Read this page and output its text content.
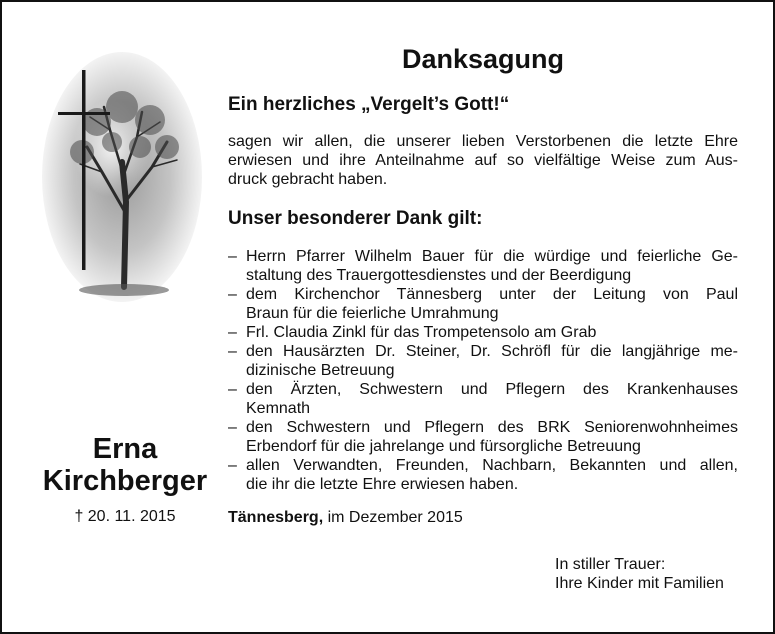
Erna
Kirchberger
† 20. 11. 2015
Danksagung
Ein herzliches „Vergelt’s Gott!“

sagen wir allen, die unserer lieben Verstorbenen die letzte Ehre
erwiesen und ihre Anteilnahme auf so vielfältige Weise zum Aus-
druck gebracht haben.

Unser besonderer Dank gilt:
– Herrn Pfarrer Wilhelm Bauer für die würdige und feierliche Ge-
staltung des Trauergottesdienstes und der Beerdigung
– dem Kirchenchor Tännesberg unter der Leitung von Paul
Braun für die feierliche Umrahmung
– Frl. Claudia Zinkl für das Trompetensolo am Grab
– den Hausärzten Dr. Steiner, Dr. Schröfl für die langjährige me-
dizinische Betreuung
– den Ärzten, Schwestern und Pflegern des Krankenhauses
Kemnath
– den Schwestern und Pflegern des BRK Seniorenwohnheimes
Erbendorf für die jahrelange und fürsorgliche Betreuung
– allen Verwandten, Freunden, Nachbarn, Bekannten und allen,
die ihr die letzte Ehre erwiesen haben.
Tännesberg, im Dezember 2015
In stiller Trauer:
Ihre Kinder mit Familien
